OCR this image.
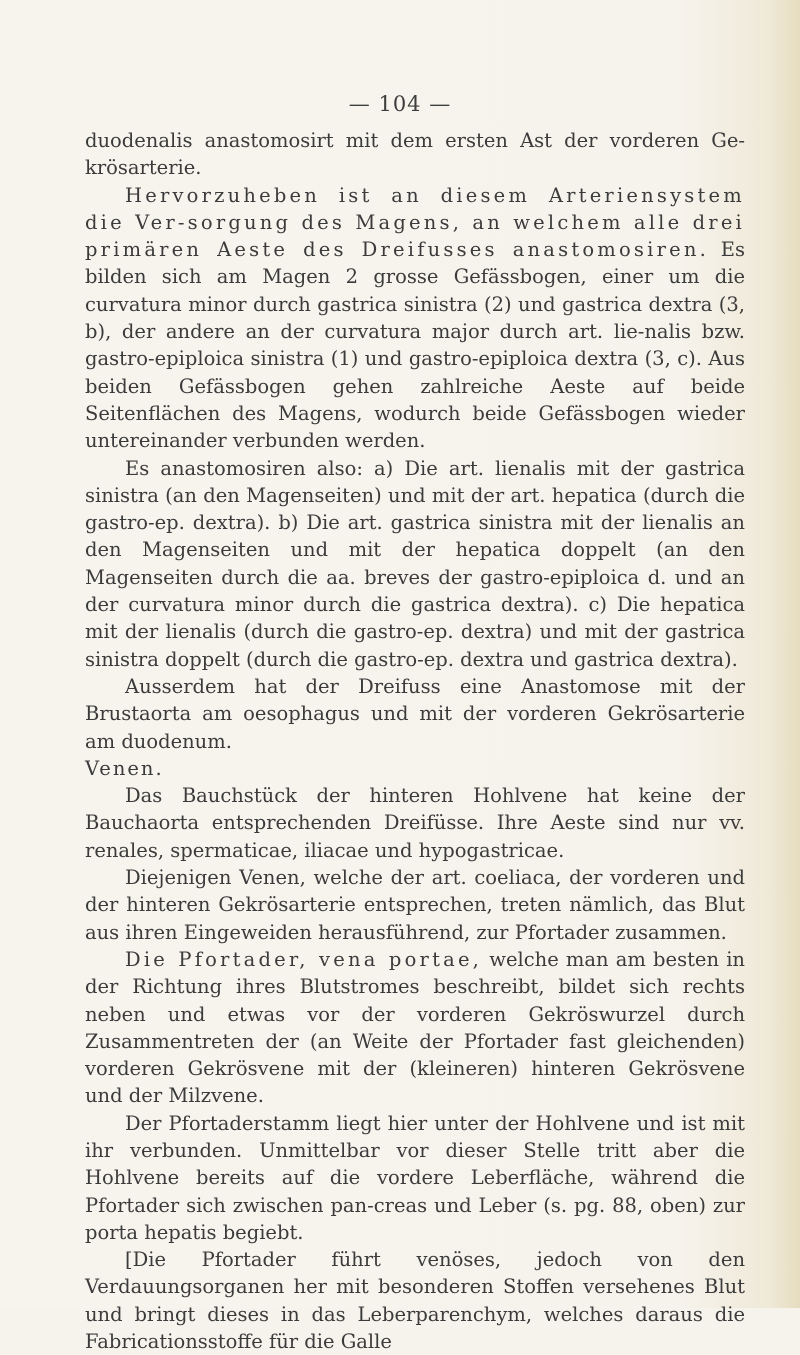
— 104 —

duodenalis anastomosirt mit dem ersten Ast der vorderen Ge-krösarterie.

Hervorzuheben ist an diesem Arteriensystem die Ver-sorgung des Magens, an welchem alle drei primären Aeste des Dreifusses anastomosiren. Es bilden sich am Magen 2 grosse Gefässbogen, einer um die curvatura minor durch gastrica sinistra (2) und gastrica dextra (3, b), der andere an der curvatura major durch art. lie-nalis bzw. gastro-epiploica sinistra (1) und gastro-epiploica dextra (3, c). Aus beiden Gefässbogen gehen zahlreiche Aeste auf beide Seitenflächen des Magens, wodurch beide Gefässbogen wieder untereinander verbunden werden.

Es anastomosiren also: a) Die art. lienalis mit der gastrica sinistra (an den Magenseiten) und mit der art. hepatica (durch die gastro-ep. dextra). b) Die art. gastrica sinistra mit der lienalis an den Magenseiten und mit der hepatica doppelt (an den Magenseiten durch die aa. breves der gastro-epiploica d. und an der curvatura minor durch die gastrica dextra). c) Die hepatica mit der lienalis (durch die gastro-ep. dextra) und mit der gastrica sinistra doppelt (durch die gastro-ep. dextra und gastrica dextra).

Ausserdem hat der Dreifuss eine Anastomose mit der Brustaorta am oesophagus und mit der vorderen Gekrösarterie am duodenum.

Venen.

Das Bauchstück der hinteren Hohlvene hat keine der Bauchaorta entsprechenden Dreifüsse. Ihre Aeste sind nur vv. renales, spermaticae, iliacae und hypogastricae.

Diejenigen Venen, welche der art. coeliaca, der vorderen und der hinteren Gekrösarterie entsprechen, treten nämlich, das Blut aus ihren Eingeweiden herausführend, zur Pfortader zusammen.

Die Pfortader, vena portae, welche man am besten in der Richtung ihres Blutstromes beschreibt, bildet sich rechts neben und etwas vor der vorderen Gekröswurzel durch Zusammentreten der (an Weite der Pfortader fast gleichenden) vorderen Gekrösvene mit der (kleineren) hinteren Gekrösvene und der Milzvene.

Der Pfortaderstamm liegt hier unter der Hohlvene und ist mit ihr verbunden. Unmittelbar vor dieser Stelle tritt aber die Hohlvene bereits auf die vordere Leberfläche, während die Pfortader sich zwischen pan-creas und Leber (s. pg. 88, oben) zur porta hepatis begiebt.

[Die Pfortader führt venöses, jedoch von den Verdauungsorganen her mit besonderen Stoffen versehenes Blut und bringt dieses in das Leberparenchym, welches daraus die Fabricationsstoffe für die Galle
